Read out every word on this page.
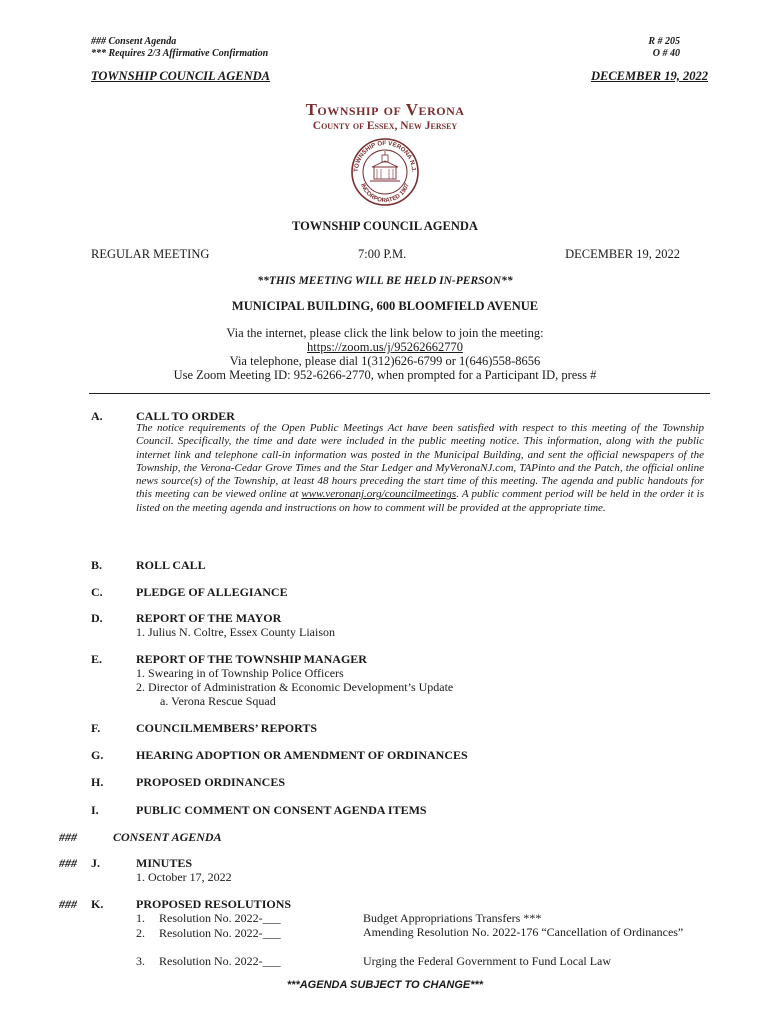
### Consent Agenda
*** Requires 2/3 Affirmative Confirmation
R # 205
O # 40
TOWNSHIP COUNCIL AGENDA	DECEMBER 19, 2022
Township of Verona
County of Essex, New Jersey
TOWNSHIP OF VERONA N.J.
INCORPORATED 1907
TOWNSHIP COUNCIL AGENDA
REGULAR MEETING	7:00 P.M.	DECEMBER 19, 2022
**THIS MEETING WILL BE HELD IN-PERSON**
MUNICIPAL BUILDING, 600 BLOOMFIELD AVENUE
Via the internet, please click the link below to join the meeting:
https://zoom.us/j/95262662770
Via telephone, please dial 1(312)626-6799 or 1(646)558-8656
Use Zoom Meeting ID: 952-6266-2770, when prompted for a Participant ID, press #
A.	CALL TO ORDER
The notice requirements of the Open Public Meetings Act have been satisfied with respect to this meeting of the Township Council. Specifically, the time and date were included in the public meeting notice. This information, along with the public internet link and telephone call-in information was posted in the Municipal Building, and sent the official newspapers of the Township, the Verona-Cedar Grove Times and the Star Ledger and MyVeronaNJ.com, TAPinto and the Patch, the official online news source(s) of the Township, at least 48 hours preceding the start time of this meeting. The agenda and public handouts for this meeting can be viewed online at www.veronanj.org/councilmeetings. A public comment period will be held in the order it is listed on the meeting agenda and instructions on how to comment will be provided at the appropriate time.
B.	ROLL CALL
C.	PLEDGE OF ALLEGIANCE
D.	REPORT OF THE MAYOR
1. Julius N. Coltre, Essex County Liaison
E.	REPORT OF THE TOWNSHIP MANAGER
1. Swearing in of Township Police Officers
2. Director of Administration & Economic Development’s Update
a. Verona Rescue Squad
F.	COUNCILMEMBERS’ REPORTS
G.	HEARING ADOPTION OR AMENDMENT OF ORDINANCES
H.	PROPOSED ORDINANCES
I.	PUBLIC COMMENT ON CONSENT AGENDA ITEMS
###	CONSENT AGENDA
### J.	MINUTES
1. October 17, 2022
### K.	PROPOSED RESOLUTIONS
1. Resolution No. 2022-___	Budget Appropriations Transfers ***
2. Resolution No. 2022-___	Amending Resolution No. 2022-176 “Cancellation of Ordinances”
3. Resolution No. 2022-___	Urging the Federal Government to Fund Local Law
***AGENDA SUBJECT TO CHANGE***
